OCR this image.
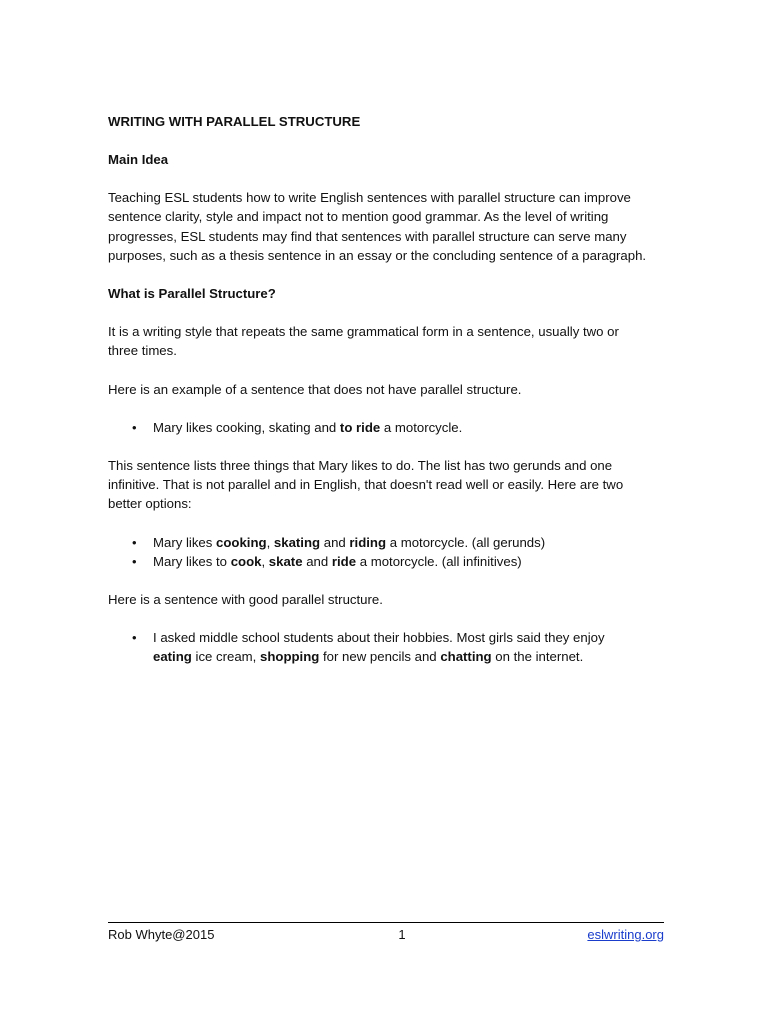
WRITING WITH PARALLEL STRUCTURE

Main Idea

Teaching ESL students how to write English sentences with parallel structure can improve

sentence clarity, style and impact not to mention good grammar. As the level of writing

progresses, ESL students may find that sentences with parallel structure can serve many

purposes, such as a thesis sentence in an essay or the concluding sentence of a paragraph.

What is Parallel Structure?

It is a writing style that repeats the same grammatical form in a sentence, usually two or

three times.

Here is an example of a sentence that does not have parallel structure.

• Mary likes cooking, skating and to ride a motorcycle.

This sentence lists three things that Mary likes to do. The list has two gerunds and one

infinitive. That is not parallel and in English, that doesn't read well or easily. Here are two

better options:

• Mary likes cooking, skating and riding a motorcycle. (all gerunds)
• Mary likes to cook, skate and ride a motorcycle. (all infinitives)

Here is a sentence with good parallel structure.

• I asked middle school students about their hobbies. Most girls said they enjoy
eating ice cream, shopping for new pencils and chatting on the internet.
Rob Whyte@2015	1	eslwriting.org
